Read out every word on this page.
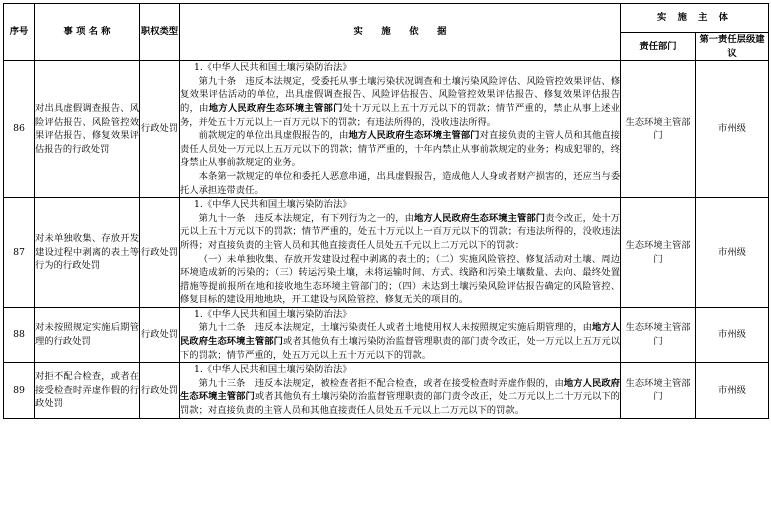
序号	事 项 名 称	职权类型	实　　施　　依　　据	实 施 主 体	
				责任部门	第一责任层级建议
86	对出具虚假调查报告、风险评估报告、风险管控效果评估报告、修复效果评估报告的行政处罚	行政处罚	1.《中华人民共和国土壤污染防治法》

第九十条　违反本法规定，受委托从事土壤污染状况调查和土壤污染风险评估、风险管控效果评估、修复效果评估活动的单位，出具虚假调查报告、风险评估报告、风险管控效果评估报告、修复效果评估报告的，由地方人民政府生态环境主管部门处十万元以上五十万元以下的罚款；情节严重的，禁止从事上述业务，并处五十万元以上一百万元以下的罚款；有违法所得的，没收违法所得。

前款规定的单位出具虚假报告的，由地方人民政府生态环境主管部门对直接负责的主管人员和其他直接责任人员处一万元以上五万元以下的罚款；情节严重的，十年内禁止从事前款规定的业务；构成犯罪的，终身禁止从事前款规定的业务。

本条第一款规定的单位和委托人恶意串通，出具虚假报告，造成他人人身或者财产损害的，还应当与委托人承担连带责任。	生态环境主管部门	市州级
87	对未单独收集、存放开发建设过程中剥离的表土等行为的行政处罚	行政处罚	1.《中华人民共和国土壤污染防治法》

第九十一条　违反本法规定，有下列行为之一的，由地方人民政府生态环境主管部门责令改正，处十万元以上五十万元以下的罚款；情节严重的，处五十万元以上一百万元以下的罚款；有违法所得的，没收违法所得；对直接负责的主管人员和其他直接责任人员处五千元以上二万元以下的罚款：

（一）未单独收集、存放开发建设过程中剥离的表土的；（二）实施风险管控、修复活动对土壤、周边环境造成新的污染的；（三）转运污染土壤，未将运输时间、方式、线路和污染土壤数量、去向、最终处置措施等提前报所在地和接收地生态环境主管部门的；（四）未达到土壤污染风险评估报告确定的风险管控、修复目标的建设用地地块，开工建设与风险管控、修复无关的项目的。	生态环境主管部门	市州级
88	对未按照规定实施后期管理的行政处罚	行政处罚	1.《中华人民共和国土壤污染防治法》

第九十二条　违反本法规定，土壤污染责任人或者土地使用权人未按照规定实施后期管理的，由地方人民政府生态环境主管部门或者其他负有土壤污染防治监督管理职责的部门责令改正，处一万元以上五万元以下的罚款；情节严重的，处五万元以上五十万元以下的罚款。	生态环境主管部门	市州级
89	对拒不配合检查，或者在接受检查时弄虚作假的行政处罚	行政处罚	1.《中华人民共和国土壤污染防治法》

第九十三条　违反本法规定，被检查者拒不配合检查，或者在接受检查时弄虚作假的，由地方人民政府生态环境主管部门或者其他负有土壤污染防治监督管理职责的部门责令改正，处二万元以上二十万元以下的罚款；对直接负责的主管人员和其他直接责任人员处五千元以上二万元以下的罚款。	生态环境主管部门	市州级
